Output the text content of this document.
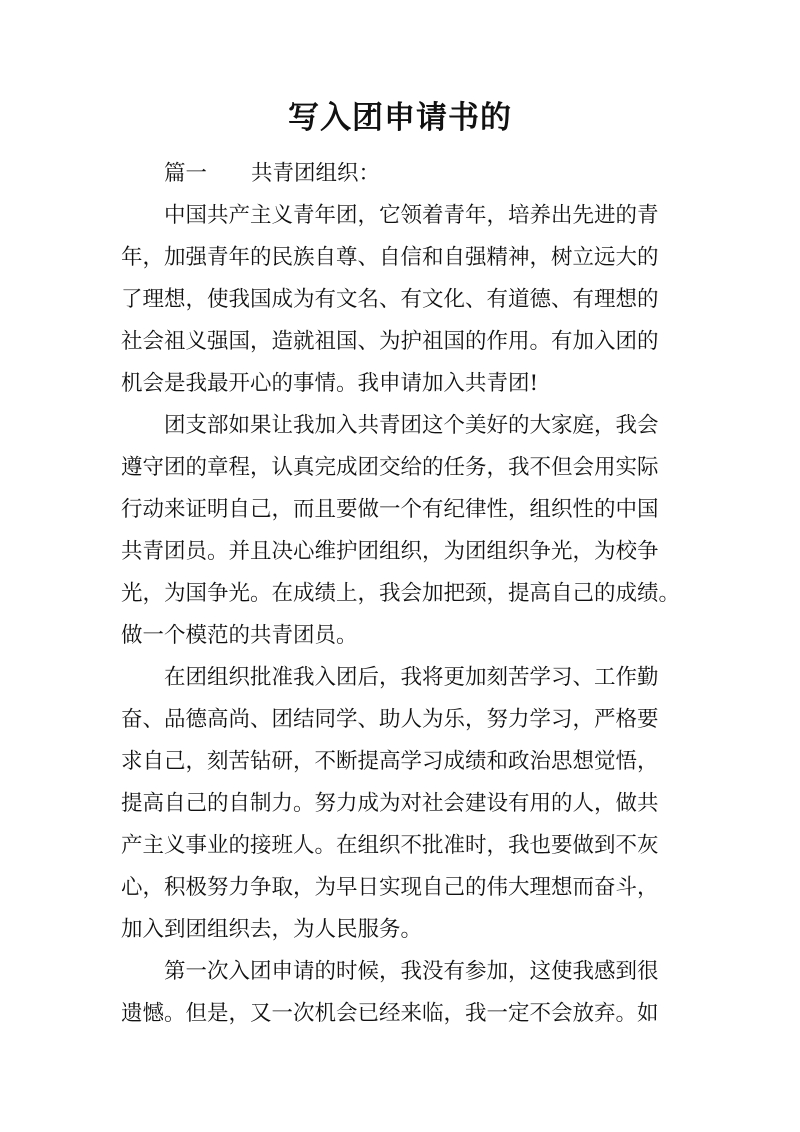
写入团申请书的

篇一 共青团组织：

中国共产主义青年团，它领着青年，培养出先进的青

年，加强青年的民族自尊、自信和自强精神，树立远大的

了理想，使我国成为有文名、有文化、有道德、有理想的

社会祖义强国，造就祖国、为护祖国的作用。有加入团的

机会是我最开心的事情。我申请加入共青团!

团支部如果让我加入共青团这个美好的大家庭，我会

遵守团的章程，认真完成团交给的任务，我不但会用实际

行动来证明自己，而且要做一个有纪律性，组织性的中国

共青团员。并且决心维护团组织，为团组织争光，为校争

光，为国争光。在成绩上，我会加把颈，提高自己的成绩。

做一个模范的共青团员。

在团组织批准我入团后，我将更加刻苦学习、工作勤

奋、品德高尚、团结同学、助人为乐，努力学习，严格要

求自己，刻苦钻研，不断提高学习成绩和政治思想觉悟，

提高自己的自制力。努力成为对社会建设有用的人，做共

产主义事业的接班人。在组织不批准时，我也要做到不灰

心，积极努力争取，为早日实现自己的伟大理想而奋斗，

加入到团组织去，为人民服务。

第一次入团申请的时候，我没有参加，这使我感到很

遗憾。但是，又一次机会已经来临，我一定不会放弃。如
